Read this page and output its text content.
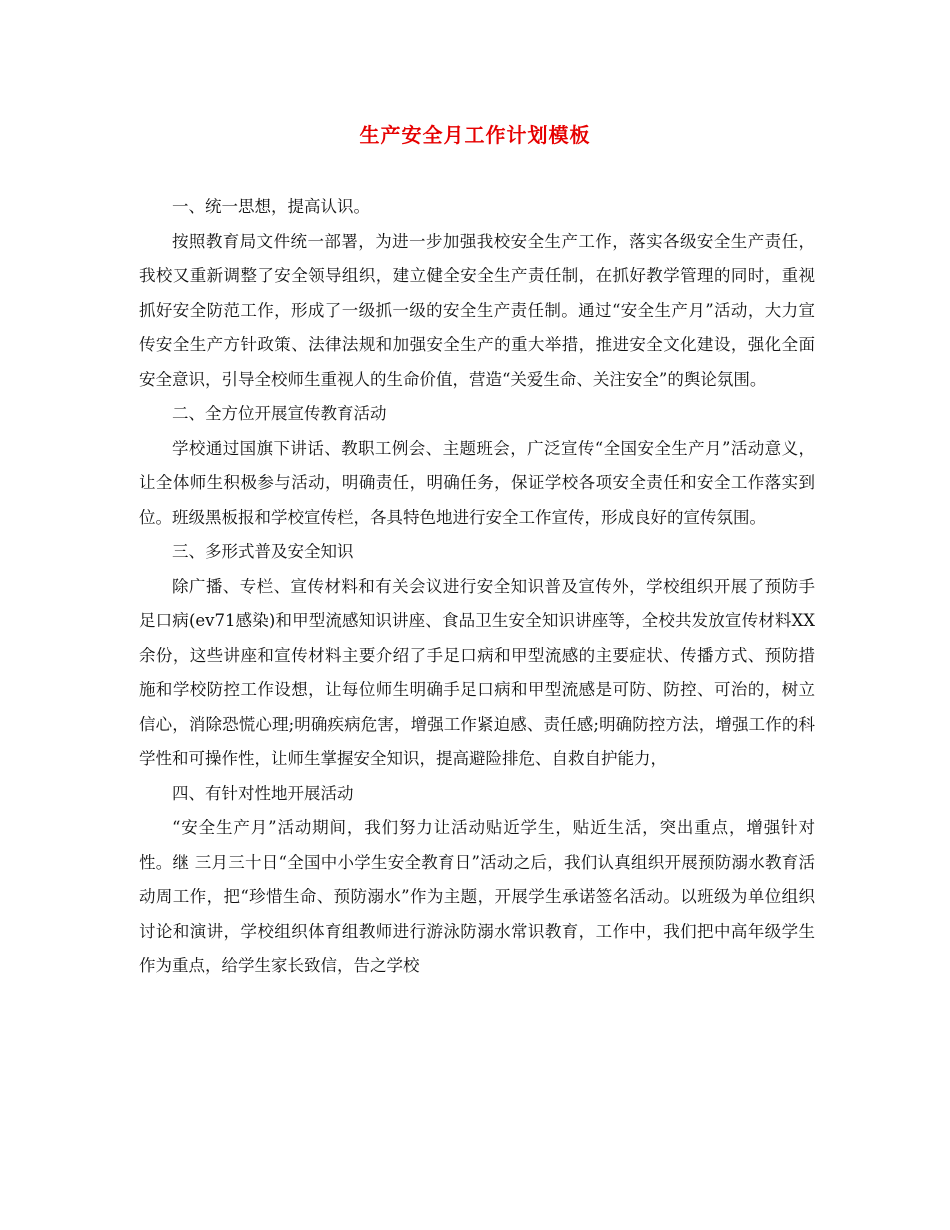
生产安全月工作计划模板

一、统一思想，提高认识。

按照教育局文件统一部署，为进一步加强我校安全生产工作，落实各级安全生产责任，我校又重新调整了安全领导组织，建立健全安全生产责任制，在抓好教学管理的同时，重视抓好安全防范工作，形成了一级抓一级的安全生产责任制。通过“安全生产月”活动，大力宣传安全生产方针政策、法律法规和加强安全生产的重大举措，推进安全文化建设，强化全面安全意识，引导全校师生重视人的生命价值，营造“关爱生命、关注安全”的舆论氛围。

二、全方位开展宣传教育活动

学校通过国旗下讲话、教职工例会、主题班会，广泛宣传“全国安全生产月”活动意义，让全体师生积极参与活动，明确责任，明确任务，保证学校各项安全责任和安全工作落实到位。班级黑板报和学校宣传栏，各具特色地进行安全工作宣传，形成良好的宣传氛围。

三、多形式普及安全知识

除广播、专栏、宣传材料和有关会议进行安全知识普及宣传外，学校组织开展了预防手足口病(ev71感染)和甲型流感知识讲座、食品卫生安全知识讲座等，全校共发放宣传材料XX余份，这些讲座和宣传材料主要介绍了手足口病和甲型流感的主要症状、传播方式、预防措施和学校防控工作设想，让每位师生明确手足口病和甲型流感是可防、防控、可治的，树立信心，消除恐慌心理;明确疾病危害，增强工作紧迫感、责任感;明确防控方法，增强工作的科学性和可操作性，让师生掌握安全知识，提高避险排危、自救自护能力，

四、有针对性地开展活动

“安全生产月”活动期间，我们努力让活动贴近学生，贴近生活，突出重点，增强针对性。继 三月三十日“全国中小学生安全教育日”活动之后，我们认真组织开展预防溺水教育活动周工作，把“珍惜生命、预防溺水”作为主题，开展学生承诺签名活动。以班级为单位组织讨论和演讲，学校组织体育组教师进行游泳防溺水常识教育，工作中，我们把中高年级学生作为重点，给学生家长致信，告之学校
